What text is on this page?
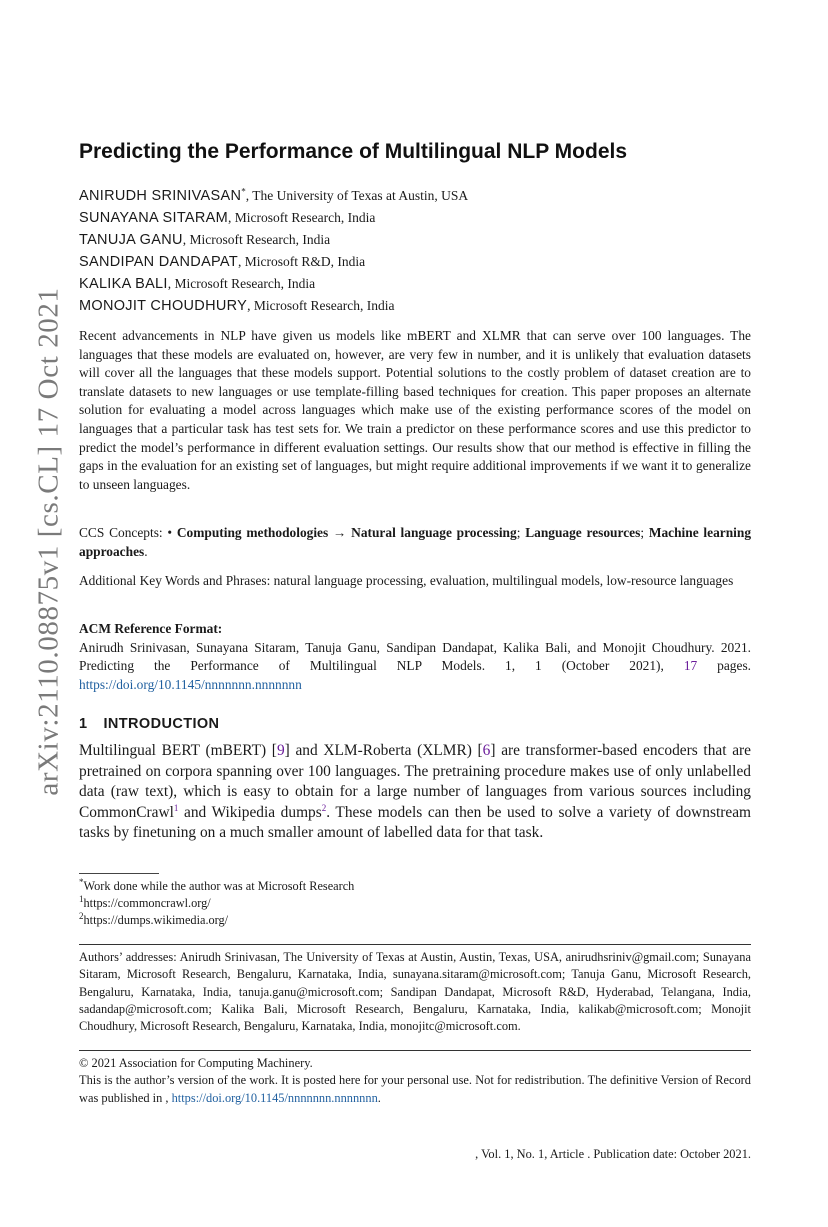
arXiv:2110.08875v1 [cs.CL] 17 Oct 2021
Predicting the Performance of Multilingual NLP Models
ANIRUDH SRINIVASAN*, The University of Texas at Austin, USA
SUNAYANA SITARAM, Microsoft Research, India
TANUJA GANU, Microsoft Research, India
SANDIPAN DANDAPAT, Microsoft R&D, India
KALIKA BALI, Microsoft Research, India
MONOJIT CHOUDHURY, Microsoft Research, India
Recent advancements in NLP have given us models like mBERT and XLMR that can serve over 100 languages. The languages that these models are evaluated on, however, are very few in number, and it is unlikely that evaluation datasets will cover all the languages that these models support. Potential solutions to the costly problem of dataset creation are to translate datasets to new languages or use template-filling based techniques for creation. This paper proposes an alternate solution for evaluating a model across languages which make use of the existing performance scores of the model on languages that a particular task has test sets for. We train a predictor on these performance scores and use this predictor to predict the model’s performance in different evaluation settings. Our results show that our method is effective in filling the gaps in the evaluation for an existing set of languages, but might require additional improvements if we want it to generalize to unseen languages.
CCS Concepts: • Computing methodologies → Natural language processing; Language resources; Machine learning approaches.
Additional Key Words and Phrases: natural language processing, evaluation, multilingual models, low-resource languages
ACM Reference Format:
Anirudh Srinivasan, Sunayana Sitaram, Tanuja Ganu, Sandipan Dandapat, Kalika Bali, and Monojit Choudhury. 2021. Predicting the Performance of Multilingual NLP Models. 1, 1 (October 2021), 17 pages. https://doi.org/10.1145/nnnnnnn.nnnnnnn
1 INTRODUCTION
Multilingual BERT (mBERT) [9] and XLM-Roberta (XLMR) [6] are transformer-based encoders that are pretrained on corpora spanning over 100 languages. The pretraining procedure makes use of only unlabelled data (raw text), which is easy to obtain for a large number of languages from various sources including CommonCrawl$^1$ and Wikipedia dumps$^2$. These models can then be used to solve a variety of downstream tasks by finetuning on a much smaller amount of labelled data for that task.
*Work done while the author was at Microsoft Research
$^1$https://commoncrawl.org/
$^2$https://dumps.wikimedia.org/
Authors’ addresses: Anirudh Srinivasan, The University of Texas at Austin, Austin, Texas, USA, anirudhsriniv@gmail.com; Sunayana Sitaram, Microsoft Research, Bengaluru, Karnataka, India, sunayana.sitaram@microsoft.com; Tanuja Ganu, Microsoft Research, Bengaluru, Karnataka, India, tanuja.ganu@microsoft.com; Sandipan Dandapat, Microsoft R&D, Hyderabad, Telangana, India, sadandap@microsoft.com; Kalika Bali, Microsoft Research, Bengaluru, Karnataka, India, kalikab@microsoft.com; Monojit Choudhury, Microsoft Research, Bengaluru, Karnataka, India, monojitc@microsoft.com.
© 2021 Association for Computing Machinery.
This is the author’s version of the work. It is posted here for your personal use. Not for redistribution. The definitive Version of Record was published in , https://doi.org/10.1145/nnnnnnn.nnnnnnn.
, Vol. 1, No. 1, Article . Publication date: October 2021.
